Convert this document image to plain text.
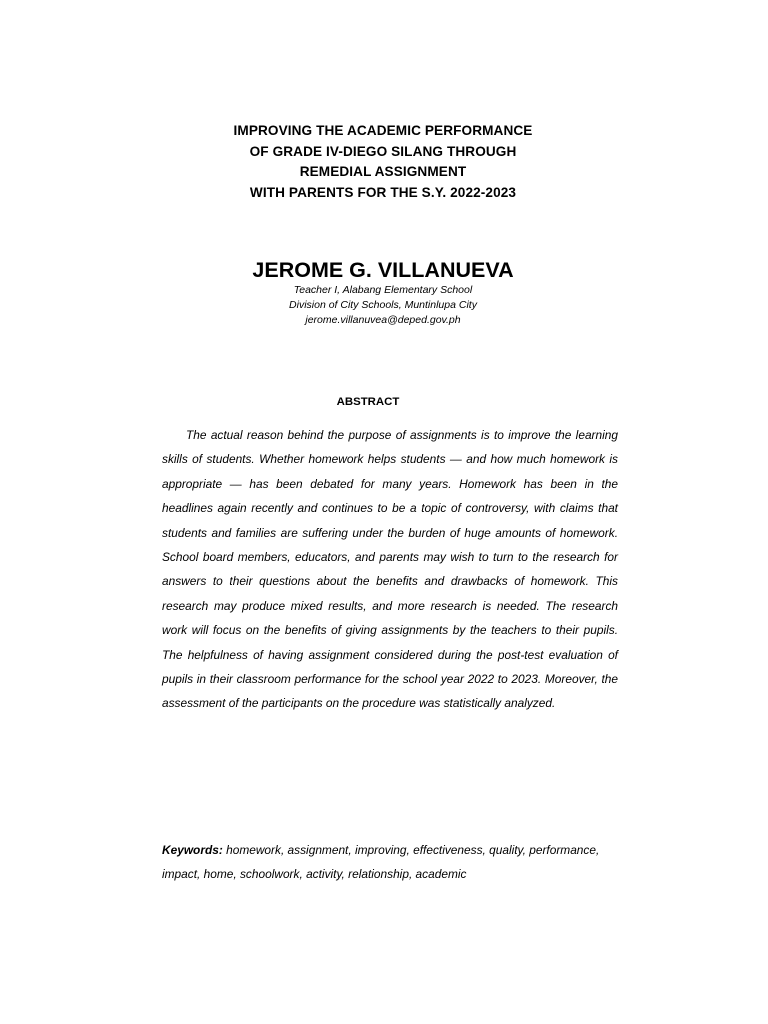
IMPROVING THE ACADEMIC PERFORMANCE
OF GRADE IV-DIEGO SILANG THROUGH
REMEDIAL ASSIGNMENT
WITH PARENTS FOR THE S.Y. 2022-2023
JEROME G. VILLANUEVA
Teacher I, Alabang Elementary School
Division of City Schools, Muntinlupa City
jerome.villanuvea@deped.gov.ph
ABSTRACT

The actual reason behind the purpose of assignments is to improve the learning skills of students. Whether homework helps students — and how much homework is appropriate — has been debated for many years. Homework has been in the headlines again recently and continues to be a topic of controversy, with claims that students and families are suffering under the burden of huge amounts of homework. School board members, educators, and parents may wish to turn to the research for answers to their questions about the benefits and drawbacks of homework. This research may produce mixed results, and more research is needed. The research work will focus on the benefits of giving assignments by the teachers to their pupils. The helpfulness of having assignment considered during the post-test evaluation of pupils in their classroom performance for the school year 2022 to 2023. Moreover, the assessment of the participants on the procedure was statistically analyzed.

Keywords: homework, assignment, improving, effectiveness, quality, performance, impact, home, schoolwork, activity, relationship, academic
